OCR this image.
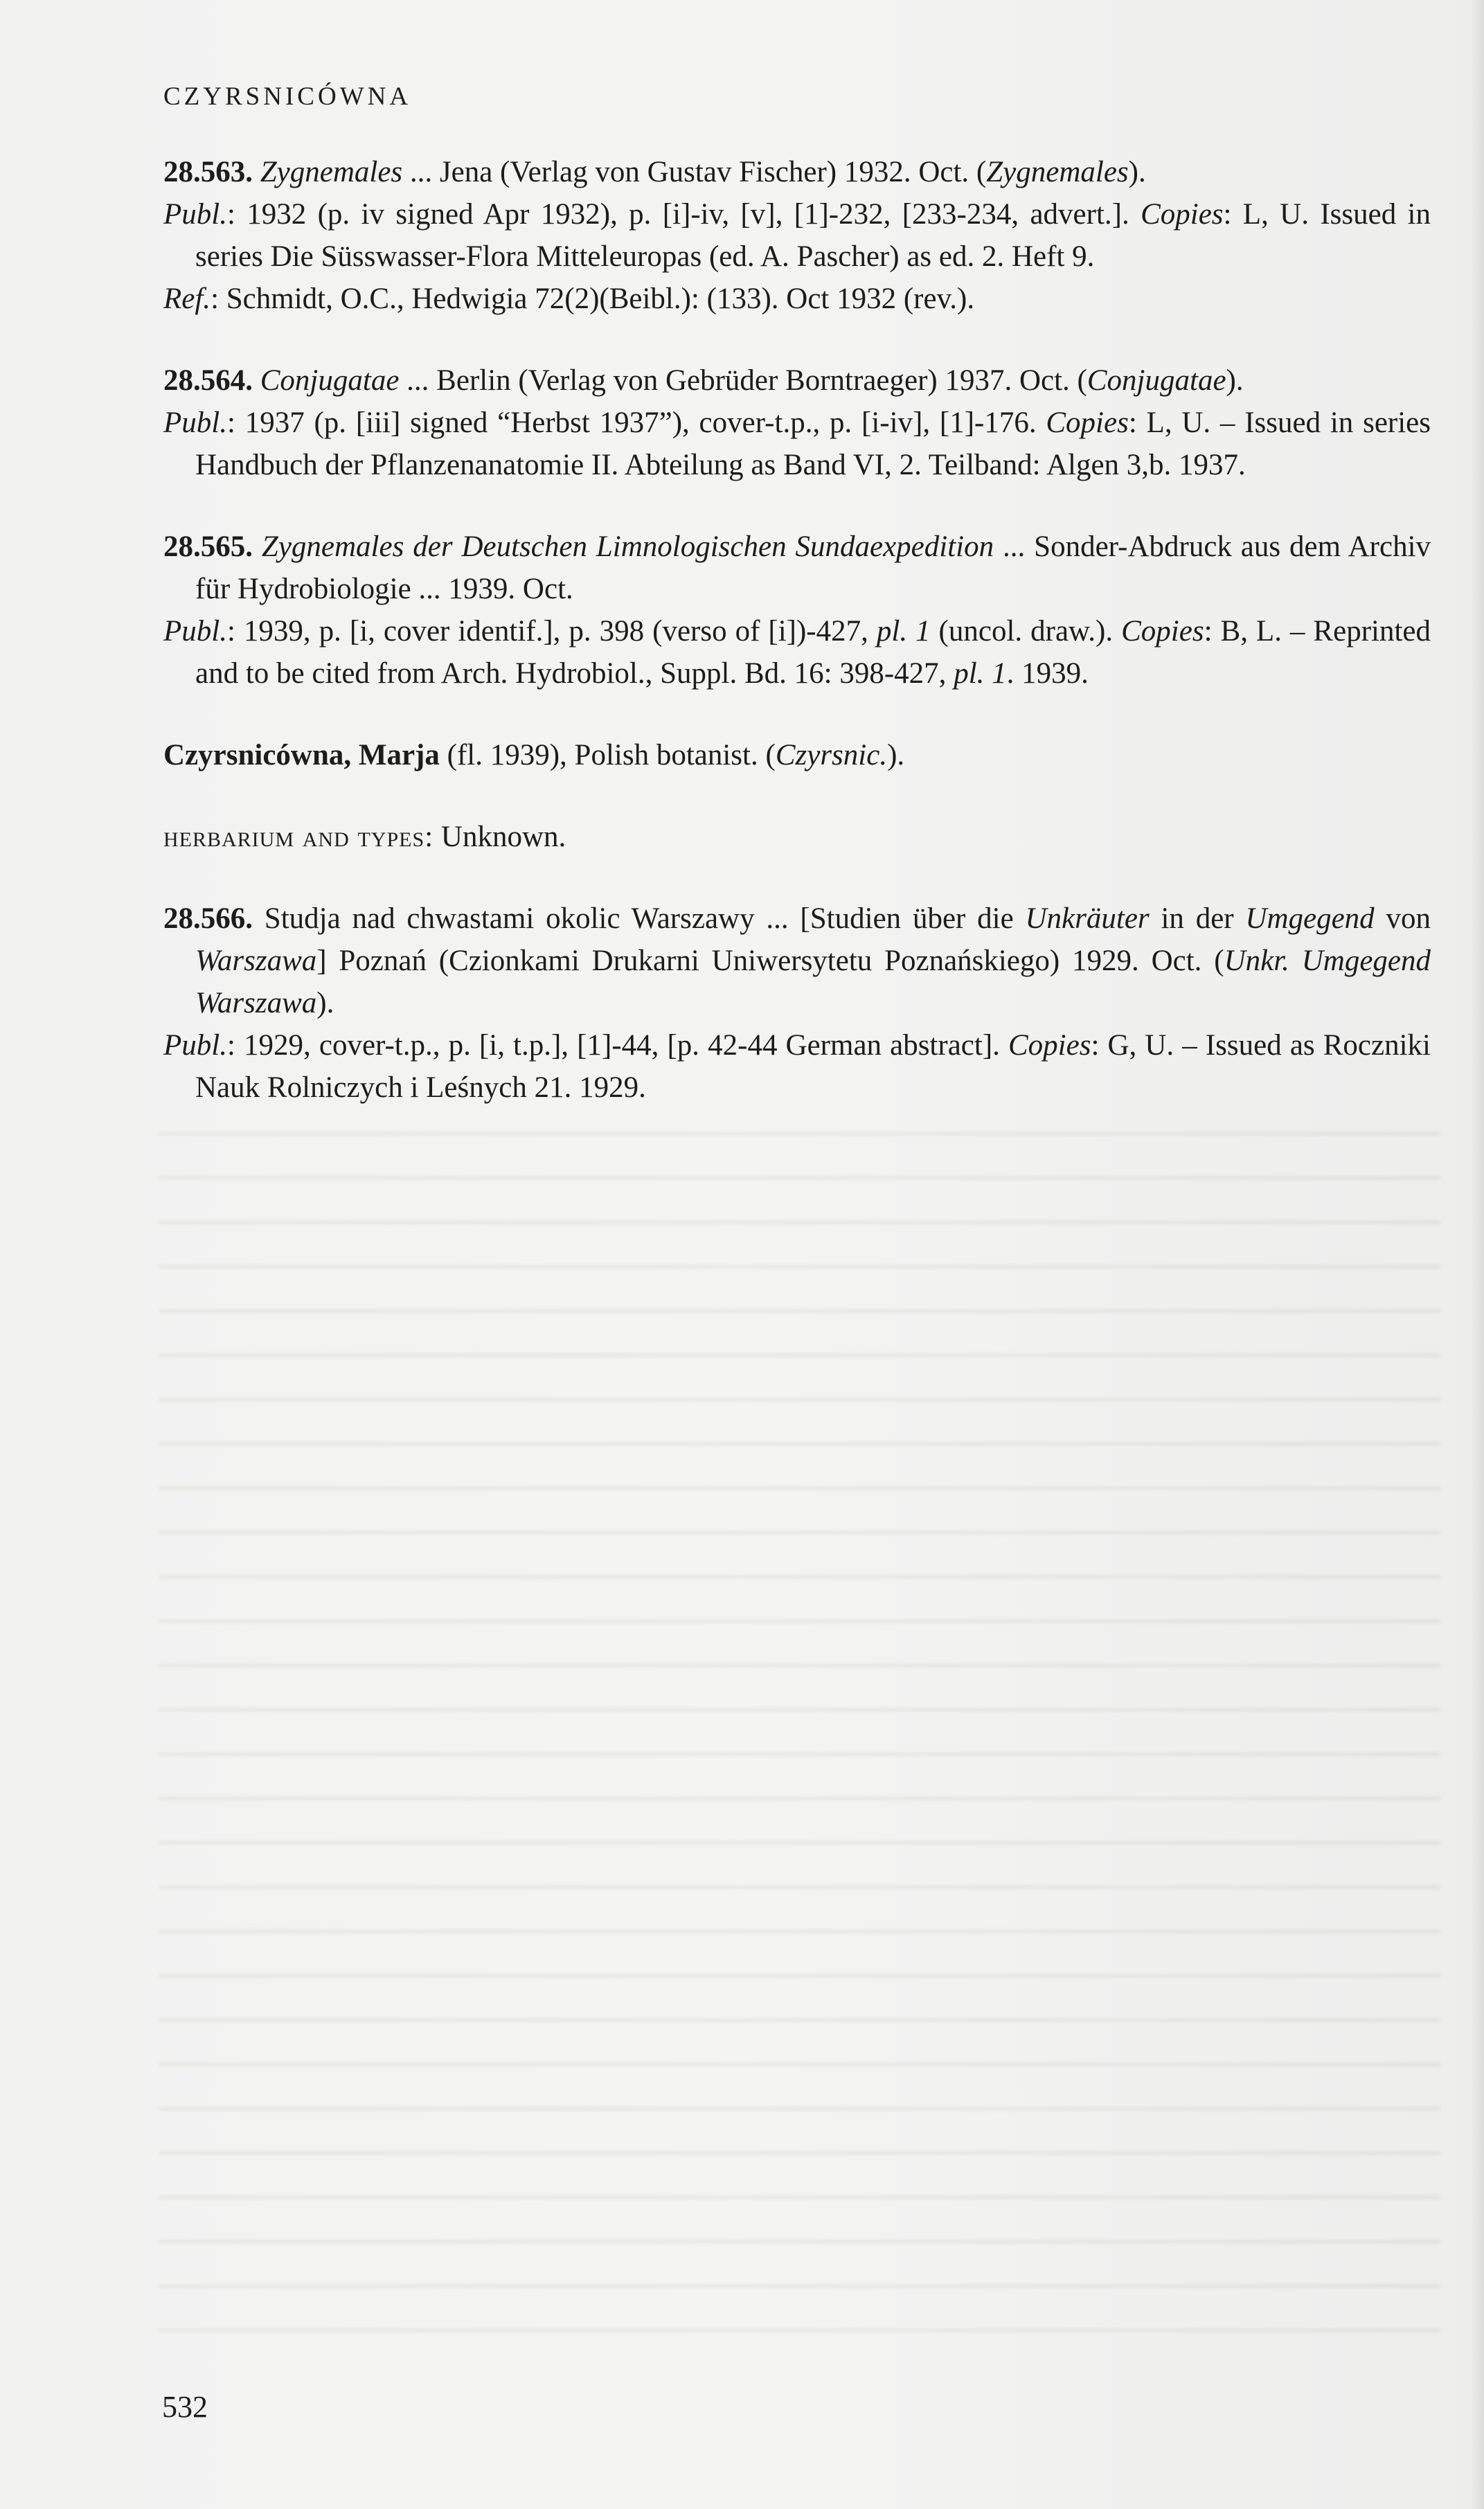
CZYRSNICÓWNA

28.563. Zygnemales ... Jena (Verlag von Gustav Fischer) 1932. Oct. (Zygnemales).

Publ.: 1932 (p. iv signed Apr 1932), p. [i]-iv, [v], [1]-232, [233-234, advert.]. Copies: L, U. Issued in series Die Süsswasser-Flora Mitteleuropas (ed. A. Pascher) as ed. 2. Heft 9.

Ref.: Schmidt, O.C., Hedwigia 72(2)(Beibl.): (133). Oct 1932 (rev.).

28.564. Conjugatae ... Berlin (Verlag von Gebrüder Borntraeger) 1937. Oct. (Conjugatae).

Publ.: 1937 (p. [iii] signed “Herbst 1937”), cover-t.p., p. [i-iv], [1]-176. Copies: L, U. – Issued in series Handbuch der Pflanzenanatomie II. Abteilung as Band VI, 2. Teilband: Algen 3,b. 1937.

28.565. Zygnemales der Deutschen Limnologischen Sundaexpedition ... Sonder-Abdruck aus dem Archiv für Hydrobiologie ... 1939. Oct.

Publ.: 1939, p. [i, cover identif.], p. 398 (verso of [i])-427, pl. 1 (uncol. draw.). Copies: B, L. – Reprinted and to be cited from Arch. Hydrobiol., Suppl. Bd. 16: 398-427, pl. 1. 1939.

Czyrsnicówna, Marja (fl. 1939), Polish botanist. (Czyrsnic.).

herbarium and types: Unknown.

28.566. Studja nad chwastami okolic Warszawy ... [Studien über die Unkräuter in der Umgegend von Warszawa] Poznań (Czionkami Drukarni Uniwersytetu Poznańskiego) 1929. Oct. (Unkr. Umgegend Warszawa).

Publ.: 1929, cover-t.p., p. [i, t.p.], [1]-44, [p. 42-44 German abstract]. Copies: G, U. – Issued as Roczniki Nauk Rolniczych i Leśnych 21. 1929.

532
